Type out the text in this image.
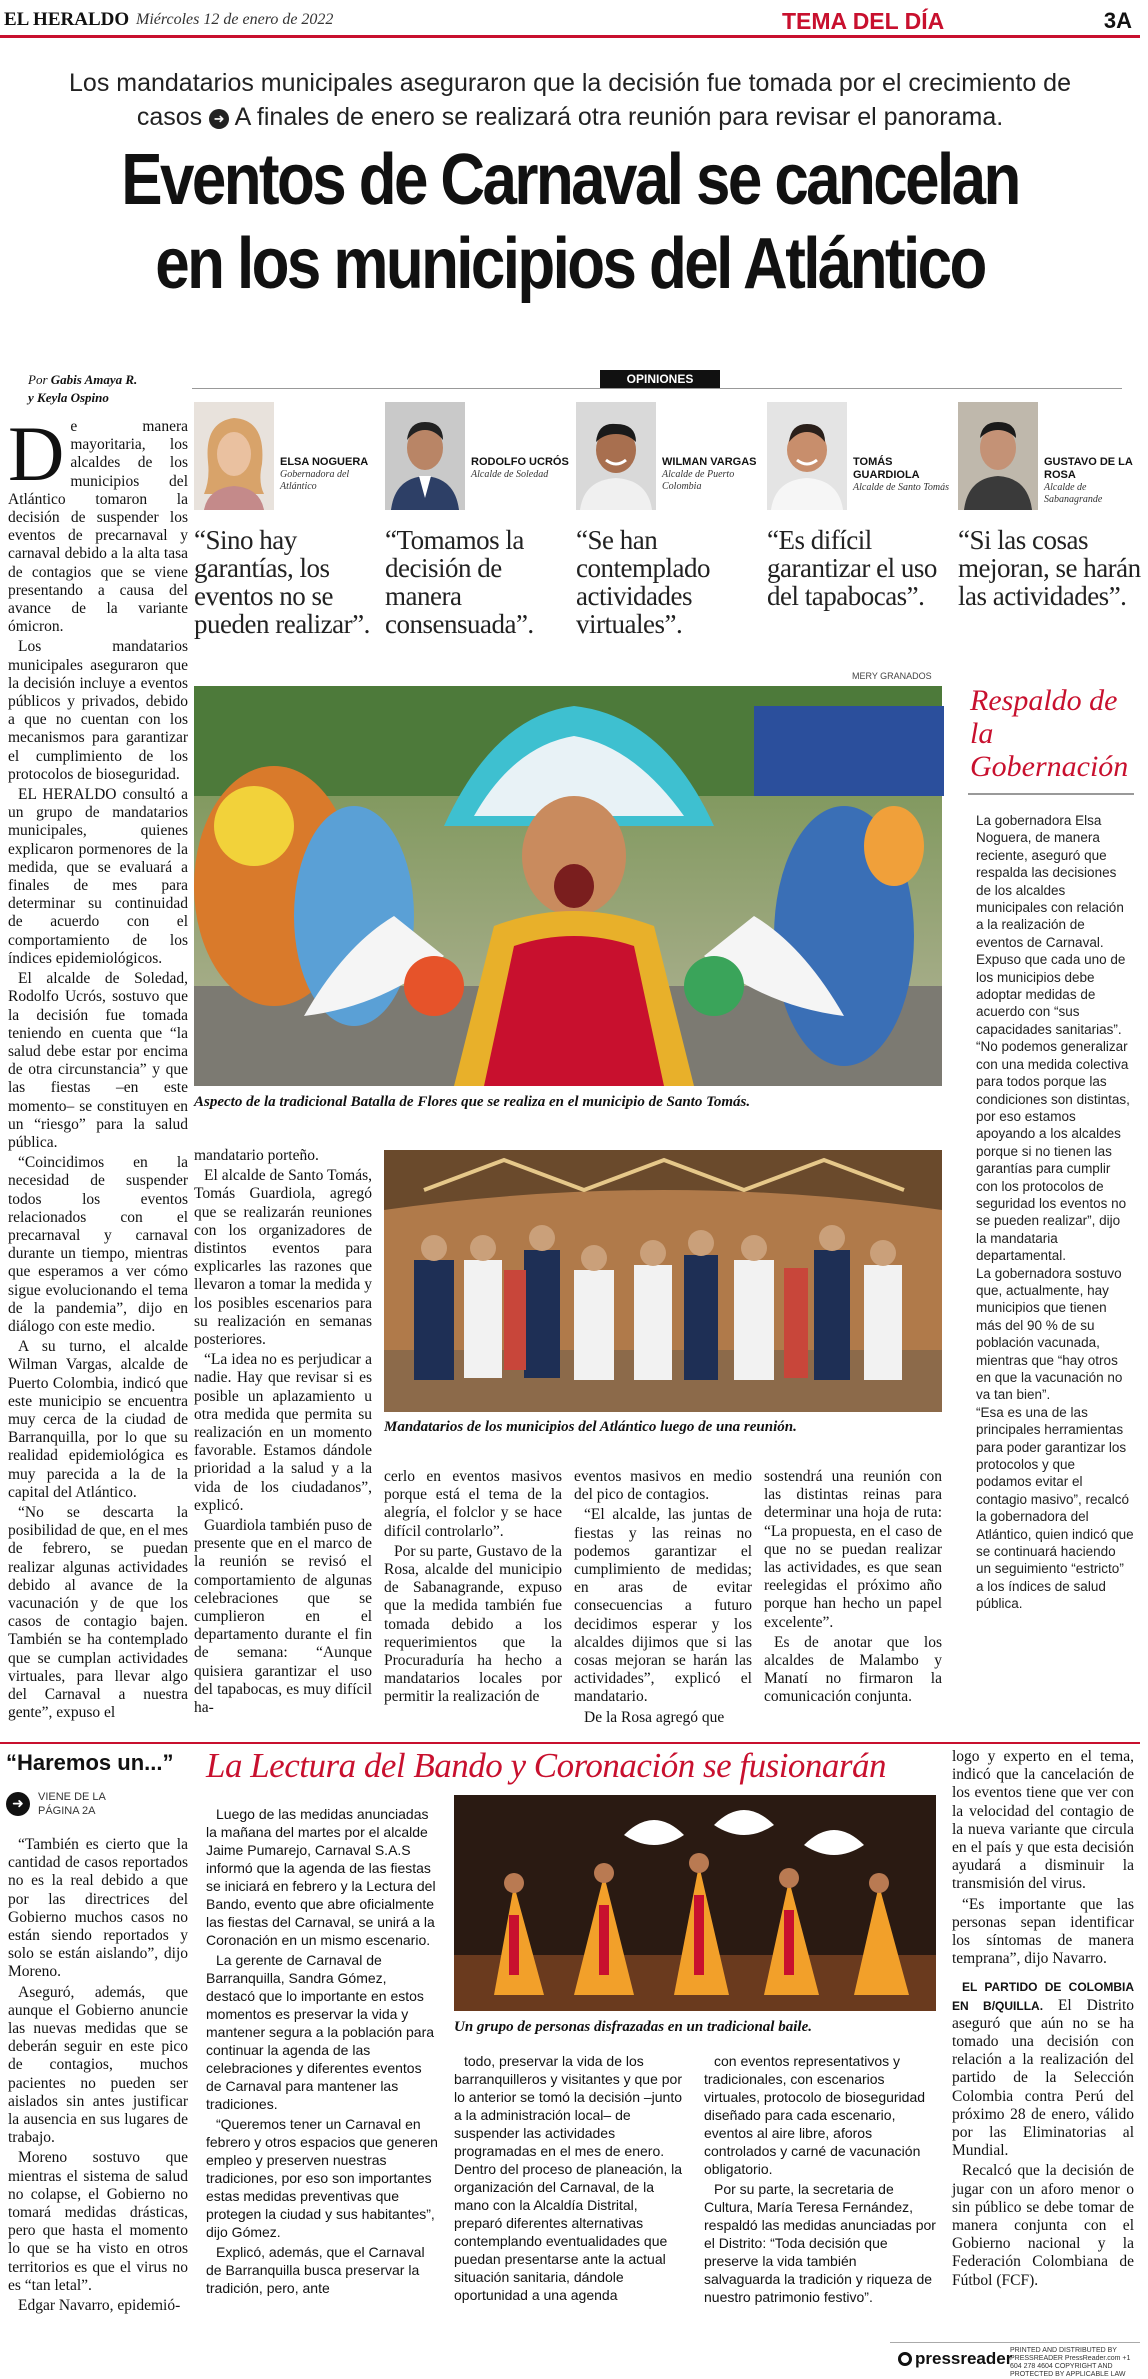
EL HERALDO Miércoles 12 de enero de 2022	TEMA DEL DÍA	3A
Los mandatarios municipales aseguraron que la decisión fue tomada por el crecimiento de casos ➜ A finales de enero se realizará otra reunión para revisar el panorama.
Eventos de Carnaval se cancelan
en los municipios del Atlántico
Por Gabis Amaya R.
y Keyla Ospino

De manera mayoritaria, los alcaldes de los municipios del Atlántico tomaron la decisión de suspender los eventos de precarnaval y carnaval debido a la alta tasa de contagios que se viene presentando a causa del avance de la variante ómicron.

Los mandatarios municipales aseguraron que la decisión incluye a eventos públicos y privados, debido a que no cuentan con los mecanismos para garantizar el cumplimiento de los protocolos de bioseguridad.

EL HERALDO consultó a un grupo de mandatarios municipales, quienes explicaron pormenores de la medida, que se evaluará a finales de mes para determinar su continuidad de acuerdo con el comportamiento de los índices epidemiológicos.

El alcalde de Soledad, Rodolfo Ucrós, sostuvo que la decisión fue tomada teniendo en cuenta que “la salud debe estar por encima de otra circunstancia” y que las fiestas –en este momento– se constituyen en un “riesgo” para la salud pública.

“Coincidimos en la necesidad de suspender todos los eventos relacionados con el precarnaval y carnaval durante un tiempo, mientras que esperamos a ver cómo sigue evolucionando el tema de la pandemia”, dijo en diálogo con este medio.

A su turno, el alcalde Wilman Vargas, alcalde de Puerto Colombia, indicó que este municipio se encuentra muy cerca de la ciudad de Barranquilla, por lo que su realidad epidemiológica es muy parecida a la de la capital del Atlántico.

“No se descarta la posibilidad de que, en el mes de febrero, se puedan realizar algunas actividades debido al avance de la vacunación y de que los casos de contagio bajen. También se ha contemplado que se cumplan actividades virtuales, para llevar algo del Carnaval a nuestra gente”, expuso el

OPINIONES
ELSA NOGUERA
Gobernadora del Atlántico
“Sino hay garantías, los eventos no se pueden realizar”.
RODOLFO UCRÓS
Alcalde de Soledad
“Tomamos la decisión de manera consensuada”.
WILMAN VARGAS
Alcalde de Puerto Colombia
“Se han contemplado actividades virtuales”.
TOMÁS GUARDIOLA
Alcalde de Santo Tomás
“Es difícil garantizar el uso del tapabocas”.
GUSTAVO DE LA ROSA
Alcalde de Sabanagrande
“Si las cosas mejoran, se harán las actividades”.
MERY GRANADOS
Aspecto de la tradicional Batalla de Flores que se realiza en el municipio de Santo Tomás.
Respaldo de la Gobernación

La gobernadora Elsa Noguera, de manera reciente, aseguró que respalda las decisiones de los alcaldes municipales con relación a la realización de eventos de Carnaval. Expuso que cada uno de los municipios debe adoptar medidas de acuerdo con “sus capacidades sanitarias”. “No podemos generalizar con una medida colectiva para todos porque las condiciones son distintas, por eso estamos apoyando a los alcaldes porque si no tienen las garantías para cumplir con los protocolos de seguridad los eventos no se pueden realizar”, dijo la mandataria departamental.

La gobernadora sostuvo que, actualmente, hay municipios que tienen más del 90 % de su población vacunada, mientras que “hay otros en que la vacunación no va tan bien”.

“Esa es una de las principales herramientas para poder garantizar los protocolos y que podamos evitar el contagio masivo”, recalcó la gobernadora del Atlántico, quien indicó que se continuará haciendo un seguimiento “estricto” a los índices de salud pública.

mandatario porteño.

El alcalde de Santo Tomás, Tomás Guardiola, agregó que se realizarán reuniones con los organizadores de distintos eventos para explicarles las razones que llevaron a tomar la medida y los posibles escenarios para su realización en semanas posteriores.

“La idea no es perjudicar a nadie. Hay que revisar si es posible un aplazamiento u otra medida que permita su realización en un momento favorable. Estamos dándole prioridad a la salud y a la vida de los ciudadanos”, explicó.

Guardiola también puso de presente que en el marco de la reunión se revisó el comportamiento de algunas celebraciones que se cumplieron en el departamento durante el fin de semana: “Aunque quisiera garantizar el uso del tapabocas, es muy difícil ha-

Mandatarios de los municipios del Atlántico luego de una reunión.

cerlo en eventos masivos porque está el tema de la alegría, el folclor y se hace difícil controlarlo”.

Por su parte, Gustavo de la Rosa, alcalde del municipio de Sabanagrande, expuso que la medida también fue tomada debido a los requerimientos que la Procuraduría ha hecho a mandatarios locales por permitir la realización de

eventos masivos en medio del pico de contagios.

“El alcalde, las juntas de fiestas y las reinas no podemos garantizar el cumplimiento de medidas; en aras de evitar consecuencias a futuro decidimos esperar y los alcaldes dijimos que si las cosas mejoran se harán las actividades”, explicó el mandatario.

De la Rosa agregó que

sostendrá una reunión con las distintas reinas para determinar una hoja de ruta: “La propuesta, en el caso de que no se puedan realizar las actividades, es que sean reelegidas el próximo año porque han hecho un papel excelente”.

Es de anotar que los alcaldes de Malambo y Manatí no firmaron la comunicación conjunta.

“Haremos un...”
➜	VIENE DE LA
PÁGINA 2A

“También es cierto que la cantidad de casos reportados no es la real debido a que por las directrices del Gobierno muchos casos no están siendo reportados y solo se están aislando”, dijo Moreno.

Aseguró, además, que aunque el Gobierno anuncie las nuevas medidas que se deberán seguir en este pico de contagios, muchos pacientes no pueden ser aislados sin antes justificar la ausencia en sus lugares de trabajo.

Moreno sostuvo que mientras el sistema de salud no colapse, el Gobierno no tomará medidas drásticas, pero que hasta el momento lo que se ha visto en otros territorios es que el virus no es “tan letal”.

Edgar Navarro, epidemió-

La Lectura del Bando y Coronación se fusionarán

Luego de las medidas anunciadas la mañana del martes por el alcalde Jaime Pumarejo, Carnaval S.A.S informó que la agenda de las fiestas se iniciará en febrero y la Lectura del Bando, evento que abre oficialmente las fiestas del Carnaval, se unirá a la Coronación en un mismo escenario.

La gerente de Carnaval de Barranquilla, Sandra Gómez, destacó que lo importante en estos momentos es preservar la vida y mantener segura a la población para continuar la agenda de las celebraciones y diferentes eventos de Carnaval para mantener las tradiciones.

“Queremos tener un Carnaval en febrero y otros espacios que generen empleo y preserven nuestras tradiciones, por eso son importantes estas medidas preventivas que protegen la ciudad y sus habitantes”, dijo Gómez.

Explicó, además, que el Carnaval de Barranquilla busca preservar la tradición, pero, ante

Un grupo de personas disfrazadas en un tradicional baile.

todo, preservar la vida de los barranquilleros y visitantes y que por lo anterior se tomó la decisión –junto a la administración local– de suspender las actividades programadas en el mes de enero. Dentro del proceso de planeación, la organización del Carnaval, de la mano con la Alcaldía Distrital, preparó diferentes alternativas contemplando eventualidades que puedan presentarse ante la actual situación sanitaria, dándole oportunidad a una agenda

con eventos representativos y tradicionales, con escenarios virtuales, protocolo de bioseguridad diseñado para cada escenario, eventos al aire libre, aforos controlados y carné de vacunación obligatorio.

Por su parte, la secretaria de Cultura, María Teresa Fernández, respaldó las medidas anunciadas por el Distrito: “Toda decisión que preserve la vida también salvaguarda la tradición y riqueza de nuestro patrimonio festivo”.

logo y experto en el tema, indicó que la cancelación de los eventos tiene que ver con la velocidad del contagio de la nueva variante que circula en el país y que esta decisión ayudará a disminuir la transmisión del virus.

“Es importante que las personas sepan identificar los síntomas de manera temprana”, dijo Navarro.

EL PARTIDO DE COLOMBIA EN B/QUILLA. El Distrito aseguró que aún no se ha tomado una decisión con relación a la realización del partido de la Selección Colombia contra Perú del próximo 28 de enero, válido por las Eliminatorias al Mundial.

Recalcó que la decisión de jugar con un aforo menor o sin público se debe tomar de manera conjunta con el Gobierno nacional y la Federación Colombiana de Fútbol (FCF).

pressreader
PRINTED AND DISTRIBUTED BY PRESSREADER PressReader.com +1 604 278 4604 COPYRIGHT AND PROTECTED BY APPLICABLE LAW
